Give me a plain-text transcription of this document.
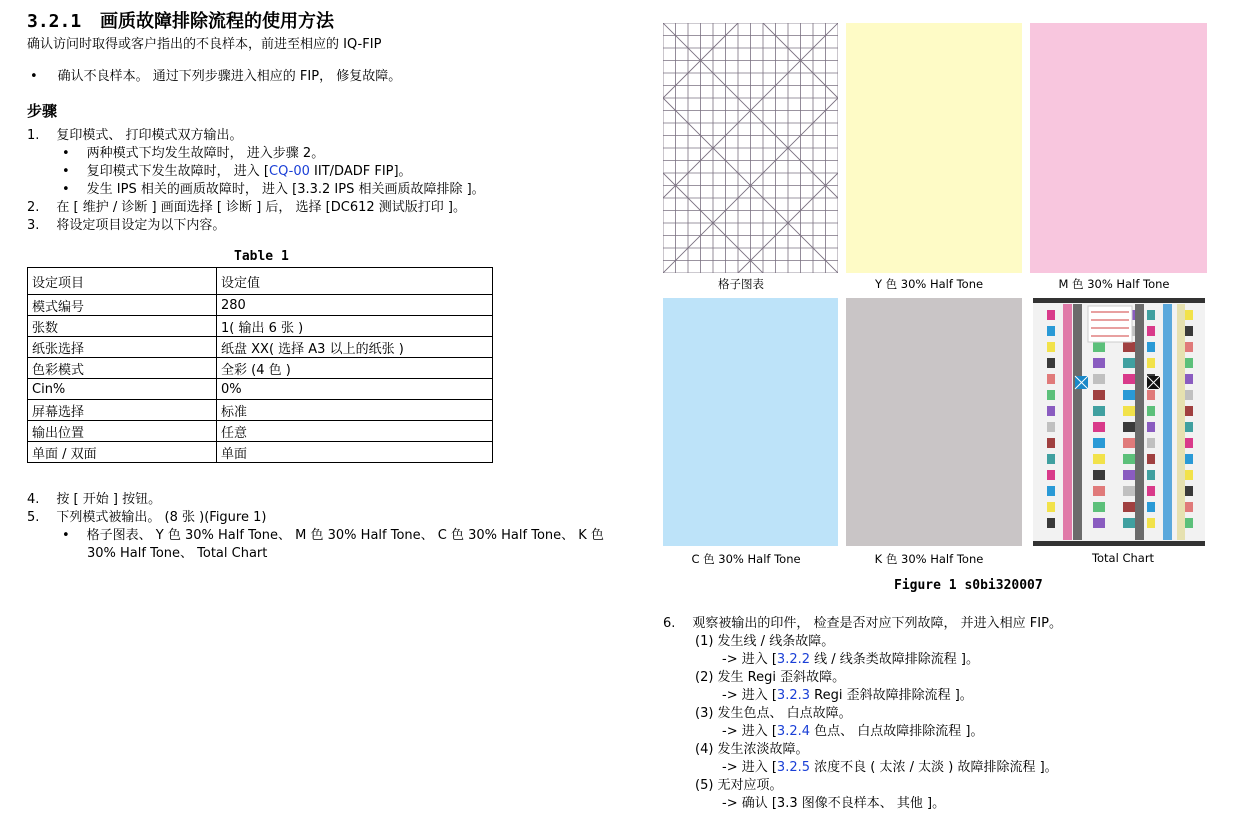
3.2.1 画质故障排除流程的使用方法
确认访问时取得或客户指出的不良样本，前进至相应的 IQ-FIP
• 确认不良样本。 通过下列步骤进入相应的 FIP， 修复故障。
步骤
1. 复印模式、 打印模式双方输出。
• 两种模式下均发生故障时， 进入步骤 2。
• 复印模式下发生故障时， 进入 [CQ-00 IIT/DADF FIP]。
• 发生 IPS 相关的画质故障时， 进入 [3.3.2 IPS 相关画质故障排除 ]。
2. 在 [ 维护 / 诊断 ] 画面选择 [ 诊断 ] 后， 选择 [DC612 测试版打印 ]。
3. 将设定项目设定为以下内容。
Table 1
设定项目	设定值
模式编号	280
张数	1( 输出 6 张 )
纸张选择	纸盘 XX( 选择 A3 以上的纸张 )
色彩模式	全彩 (4 色 )
Cin%	0%
屏幕选择	标准
输出位置	任意
单面 / 双面	单面
4. 按 [ 开始 ] 按钮。
5. 下列模式被输出。 (8 张 )(Figure 1)
• 格子图表、 Y 色 30% Half Tone、 M 色 30% Half Tone、 C 色 30% Half Tone、 K 色
30% Half Tone、 Total Chart
格子图表	Y 色 30% Half Tone	M 色 30% Half Tone
C 色 30% Half Tone	K 色 30% Half Tone	Total Chart
Figure 1 s0bi320007
6. 观察被输出的印件， 检查是否对应下列故障， 并进入相应 FIP。
(1) 发生线 / 线条故障。
-> 进入 [3.2.2 线 / 线条类故障排除流程 ]。
(2) 发生 Regi 歪斜故障。
-> 进入 [3.2.3 Regi 歪斜故障排除流程 ]。
(3) 发生色点、 白点故障。
-> 进入 [3.2.4 色点、 白点故障排除流程 ]。
(4) 发生浓淡故障。
-> 进入 [3.2.5 浓度不良 ( 太浓 / 太淡 ) 故障排除流程 ]。
(5) 无对应项。
-> 确认 [3.3 图像不良样本、 其他 ]。
